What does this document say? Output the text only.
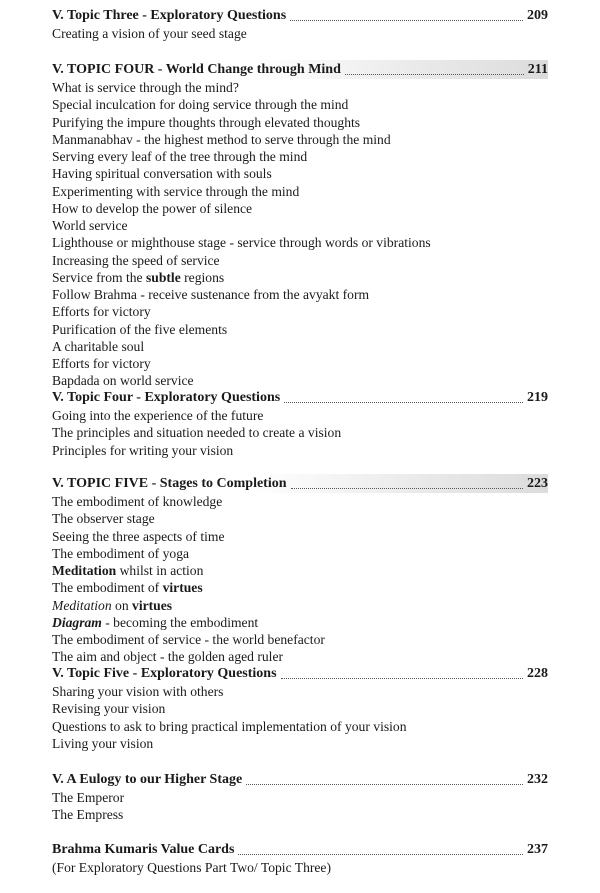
V. Topic Three - Exploratory Questions	209
Creating a vision of your seed stage
V. TOPIC FOUR - World Change through Mind	211
What is service through the mind?
Special inculcation for doing service through the mind
Purifying the impure thoughts through elevated thoughts
Manmanabhav - the highest method to serve through the mind
Serving every leaf of the tree through the mind
Having spiritual conversation with souls
Experimenting with service through the mind
How to develop the power of silence
World service
Lighthouse or mighthouse stage - service through words or vibrations
Increasing the speed of service
Service from the subtle regions
Follow Brahma - receive sustenance from the avyakt form
Efforts for victory
Purification of the five elements
A charitable soul
Efforts for victory
Bapdada on world service
V. Topic Four - Exploratory Questions	219
Going into the experience of the future
The principles and situation needed to create a vision
Principles for writing your vision
V. TOPIC FIVE - Stages to Completion	223
The embodiment of knowledge
The observer stage
Seeing the three aspects of time
The embodiment of yoga
Meditation whilst in action
The embodiment of virtues
Meditation on virtues
Diagram - becoming the embodiment
The embodiment of service - the world benefactor
The aim and object - the golden aged ruler
V. Topic Five - Exploratory Questions	228
Sharing your vision with others
Revising your vision
Questions to ask to bring practical implementation of your vision
Living your vision
V. A Eulogy to our Higher Stage	232
The Emperor
The Empress
Brahma Kumaris Value Cards	237
(For Exploratory Questions Part Two/ Topic Three)
